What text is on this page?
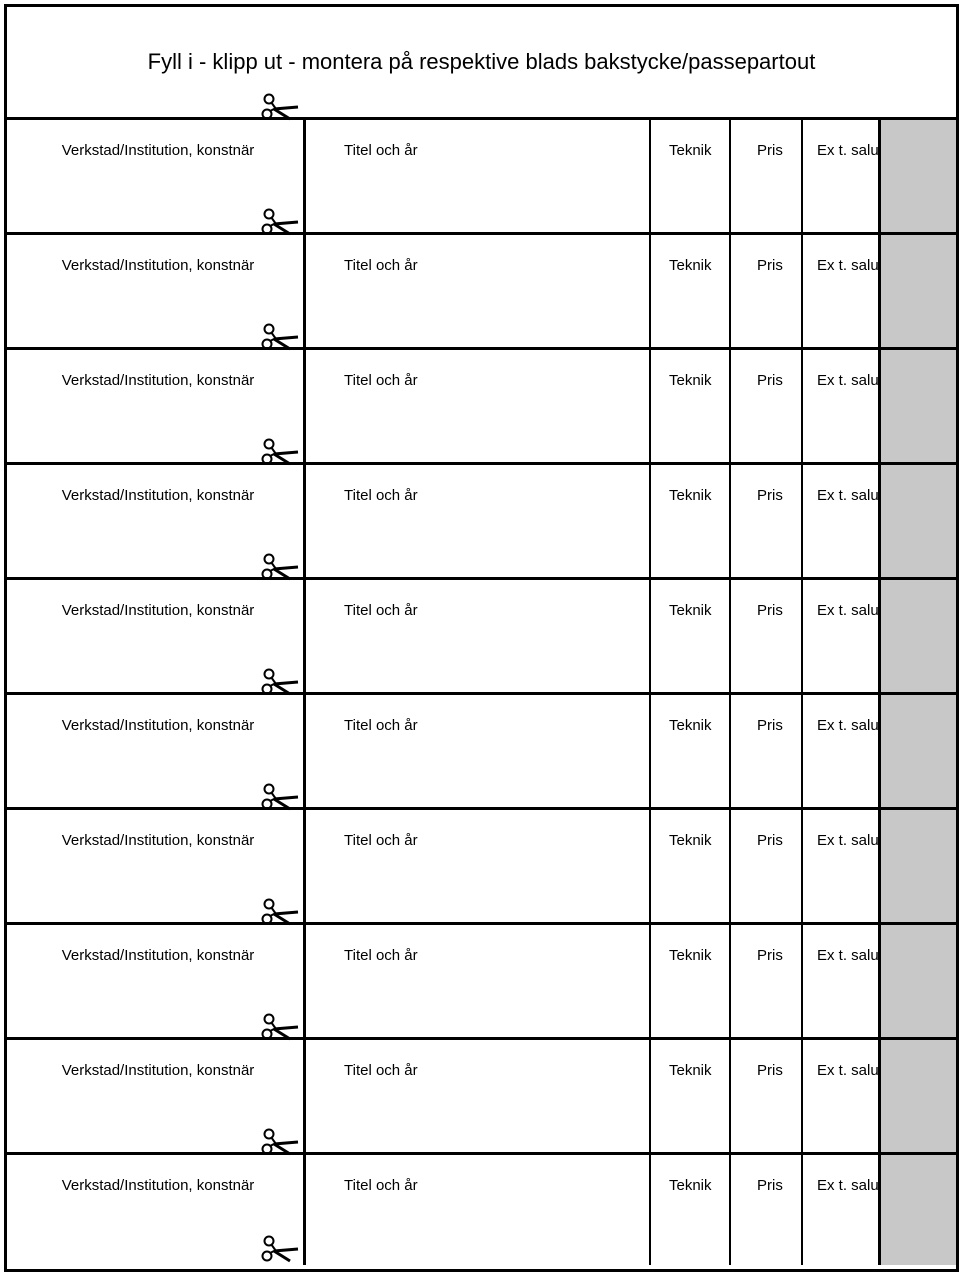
Fyll i - klipp ut - montera på respektive blads bakstycke/passepartout
Verkstad/Institution, konstnär	Titel och år	Teknik	Pris	Ex t. salu
Verkstad/Institution, konstnär	Titel och år	Teknik	Pris	Ex t. salu
Verkstad/Institution, konstnär	Titel och år	Teknik	Pris	Ex t. salu
Verkstad/Institution, konstnär	Titel och år	Teknik	Pris	Ex t. salu
Verkstad/Institution, konstnär	Titel och år	Teknik	Pris	Ex t. salu
Verkstad/Institution, konstnär	Titel och år	Teknik	Pris	Ex t. salu
Verkstad/Institution, konstnär	Titel och år	Teknik	Pris	Ex t. salu
Verkstad/Institution, konstnär	Titel och år	Teknik	Pris	Ex t. salu
Verkstad/Institution, konstnär	Titel och år	Teknik	Pris	Ex t. salu
Verkstad/Institution, konstnär	Titel och år	Teknik	Pris	Ex t. salu
